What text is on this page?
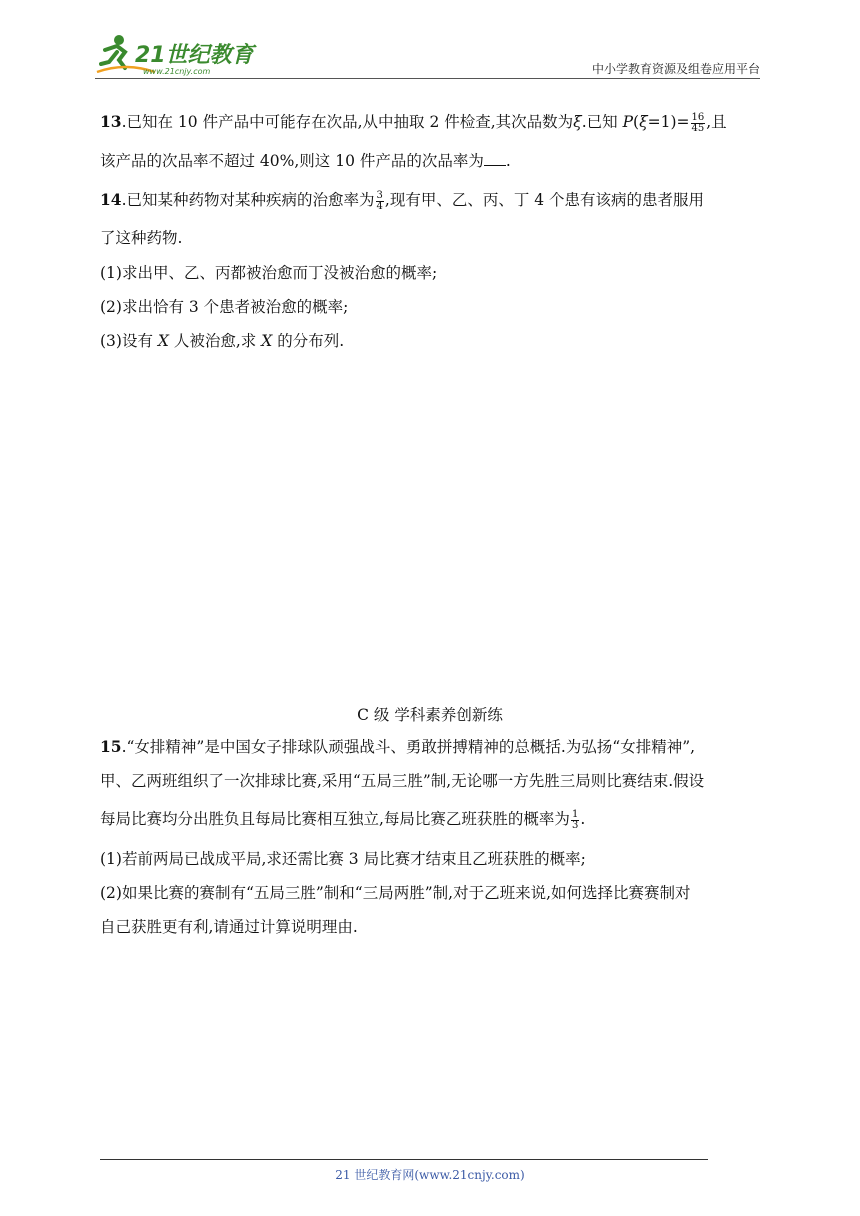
21世纪教育
www.21cnjy.com	中小学教育资源及组卷应用平台
13.已知在 10 件产品中可能存在次品,从中抽取 2 件检查,其次品数为ξ.已知 $P(\xi=1)= \frac{16}{45}$ ,且
该产品的次品率不超过 40%,则这 10 件产品的次品率为 .
14.已知某种药物对某种疾病的治愈率为 $\frac{3}{4}$ ,现有甲、乙、丙、丁 4 个患有该病的患者服用
了这种药物.
(1)求出甲、乙、丙都被治愈而丁没被治愈的概率;
(2)求出恰有 3 个患者被治愈的概率;
(3)设有 X 人被治愈,求 X 的分布列.
C 级 学科素养创新练
15.“女排精神”是中国女子排球队顽强战斗、勇敢拼搏精神的总概括.为弘扬“女排精神”,
甲、乙两班组织了一次排球比赛,采用“五局三胜”制,无论哪一方先胜三局则比赛结束.假设
每局比赛均分出胜负且每局比赛相互独立,每局比赛乙班获胜的概率为 $\frac{1}{3}$ .
(1)若前两局已战成平局,求还需比赛 3 局比赛才结束且乙班获胜的概率;
(2)如果比赛的赛制有“五局三胜”制和“三局两胜”制,对于乙班来说,如何选择比赛赛制对
自己获胜更有利,请通过计算说明理由.
21 世纪教育网(www.21cnjy.com)
